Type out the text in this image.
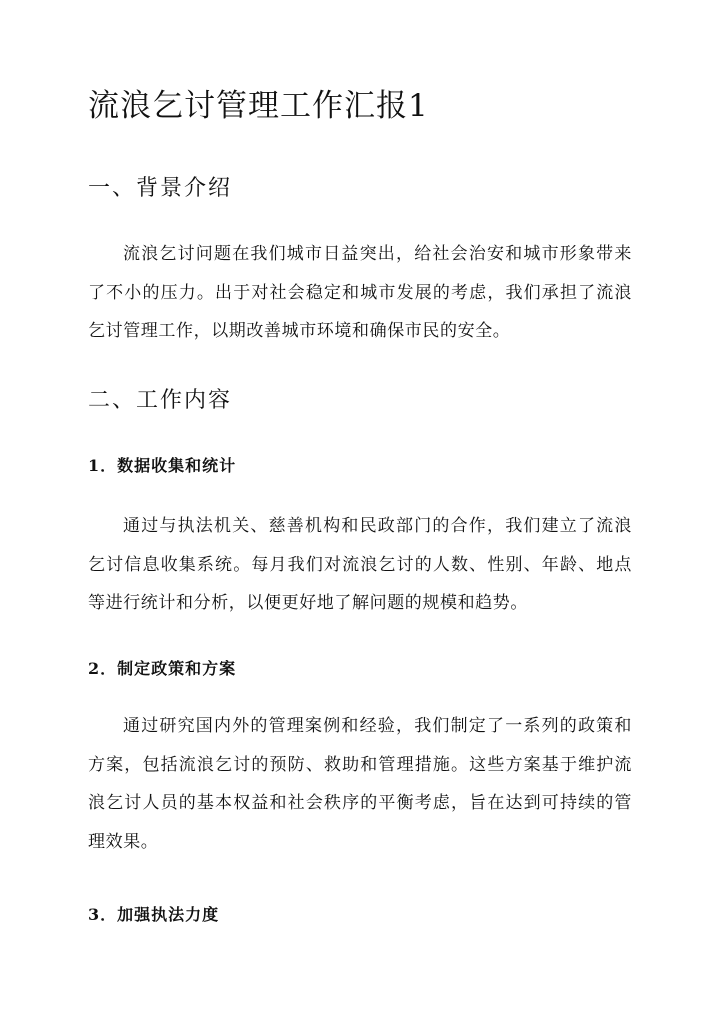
流浪乞讨管理工作汇报1
一、背景介绍

流浪乞讨问题在我们城市日益突出，给社会治安和城市形象带来了不小的压力。出于对社会稳定和城市发展的考虑，我们承担了流浪乞讨管理工作，以期改善城市环境和确保市民的安全。

二、工作内容
1．数据收集和统计

通过与执法机关、慈善机构和民政部门的合作，我们建立了流浪乞讨信息收集系统。每月我们对流浪乞讨的人数、性别、年龄、地点等进行统计和分析，以便更好地了解问题的规模和趋势。

2．制定政策和方案

通过研究国内外的管理案例和经验，我们制定了一系列的政策和方案，包括流浪乞讨的预防、救助和管理措施。这些方案基于维护流浪乞讨人员的基本权益和社会秩序的平衡考虑，旨在达到可持续的管理效果。

3．加强执法力度
